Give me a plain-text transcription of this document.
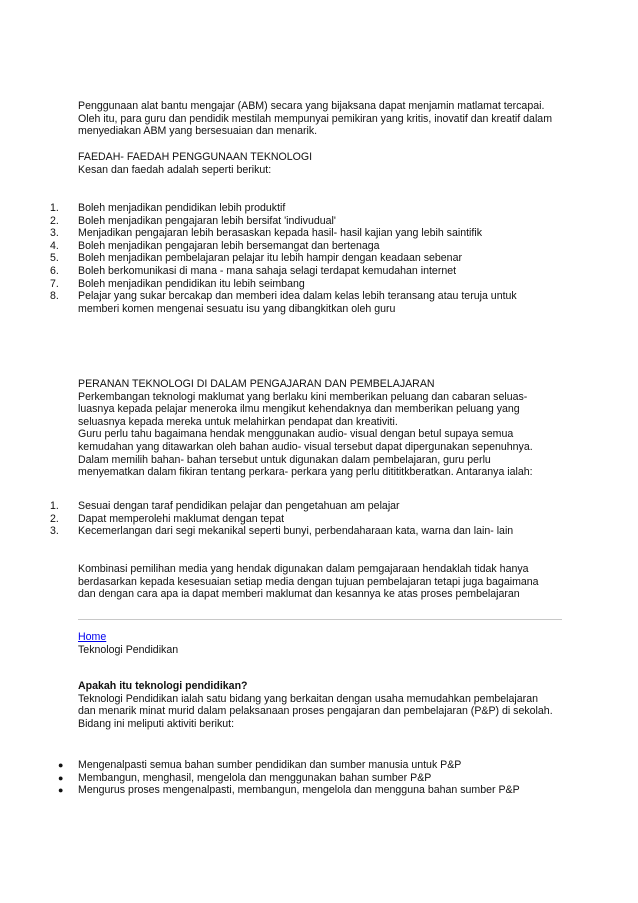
Penggunaan alat bantu mengajar (ABM) secara yang bijaksana dapat menjamin matlamat tercapai.
Oleh itu, para guru dan pendidik mestilah mempunyai pemikiran yang kritis, inovatif dan kreatif dalam
menyediakan ABM yang bersesuaian dan menarik.

FAEDAH- FAEDAH PENGGUNAAN TEKNOLOGI
Kesan dan faedah adalah seperti berikut:

1.	Boleh menjadikan pendidikan lebih produktif
2.	Boleh menjadikan pengajaran lebih bersifat 'indivudual'
3.	Menjadikan pengajaran lebih berasaskan kepada hasil- hasil kajian yang lebih saintifik
4.	Boleh menjadikan pengajaran lebih bersemangat dan bertenaga
5.	Boleh menjadikan pembelajaran pelajar itu lebih hampir dengan keadaan sebenar
6.	Boleh berkomunikasi di mana - mana sahaja selagi terdapat kemudahan internet
7.	Boleh menjadikan pendidikan itu lebih seimbang
8.	Pelajar yang sukar bercakap dan memberi idea dalam kelas lebih teransang atau teruja untuk memberi komen mengenai sesuatu isu yang dibangkitkan oleh guru

PERANAN TEKNOLOGI DI DALAM PENGAJARAN DAN PEMBELAJARAN
Perkembangan teknologi maklumat yang berlaku kini memberikan peluang dan cabaran seluas-
luasnya kepada pelajar meneroka ilmu mengikut kehendaknya dan memberikan peluang yang
seluasnya kepada mereka untuk melahirkan pendapat dan kreativiti.
Guru perlu tahu bagaimana hendak menggunakan audio- visual dengan betul supaya semua
kemudahan yang ditawarkan oleh bahan audio- visual tersebut dapat dipergunakan sepenuhnya.
Dalam memilih bahan- bahan tersebut untuk digunakan dalam pembelajaran, guru perlu
menyematkan dalam fikiran tentang perkara- perkara yang perlu ditititkberatkan. Antaranya ialah:

1.	Sesuai dengan taraf pendidikan pelajar dan pengetahuan am pelajar
2.	Dapat memperolehi maklumat dengan tepat
3.	Kecemerlangan dari segi mekanikal seperti bunyi, perbendaharaan kata, warna dan lain- lain

Kombinasi pemilihan media yang hendak digunakan dalam pemgajaraan hendaklah tidak hanya
berdasarkan kepada kesesuaian setiap media dengan tujuan pembelajaran tetapi juga bagaimana
dan dengan cara apa ia dapat memberi maklumat dan kesannya ke atas proses pembelajaran

Home
Teknologi Pendidikan

Apakah itu teknologi pendidikan?
Teknologi Pendidikan ialah satu bidang yang berkaitan dengan usaha memudahkan pembelajaran
dan menarik minat murid dalam pelaksanaan proses pengajaran dan pembelajaran (P&P) di sekolah.
Bidang ini meliputi aktiviti berikut:

●	Mengenalpasti semua bahan sumber pendidikan dan sumber manusia untuk P&P
●	Membangun, menghasil, mengelola dan menggunakan bahan sumber P&P
●	Mengurus proses mengenalpasti, membangun, mengelola dan mengguna bahan sumber P&P
